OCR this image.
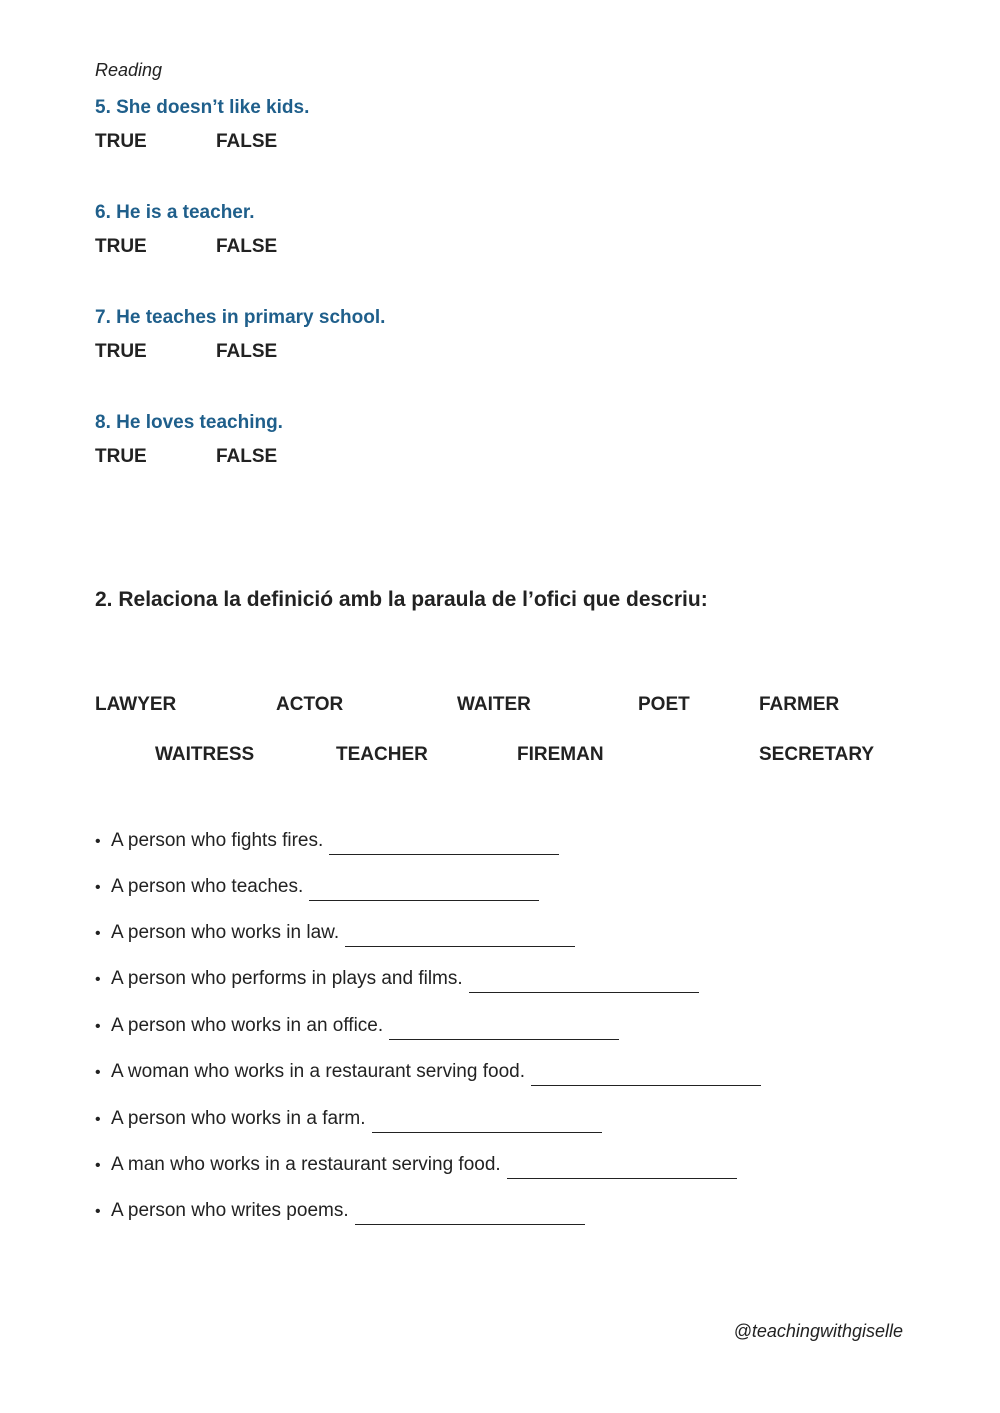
Reading
5. She doesn’t like kids.
TRUE	FALSE
6. He is a teacher.
TRUE	FALSE
7. He teaches in primary school.
TRUE	FALSE
8. He loves teaching.
TRUE	FALSE
2. Relaciona la definició amb la paraula de l’ofici que descriu:
LAWYER	ACTOR	WAITER	POET	FARMER
WAITRESS	TEACHER	FIREMAN	SECRETARY
• A person who fights fires.
• A person who teaches.
• A person who works in law.
• A person who performs in plays and films.
• A person who works in an office.
• A woman who works in a restaurant serving food.
• A person who works in a farm.
• A man who works in a restaurant serving food.
• A person who writes poems.
@teachingwithgiselle
